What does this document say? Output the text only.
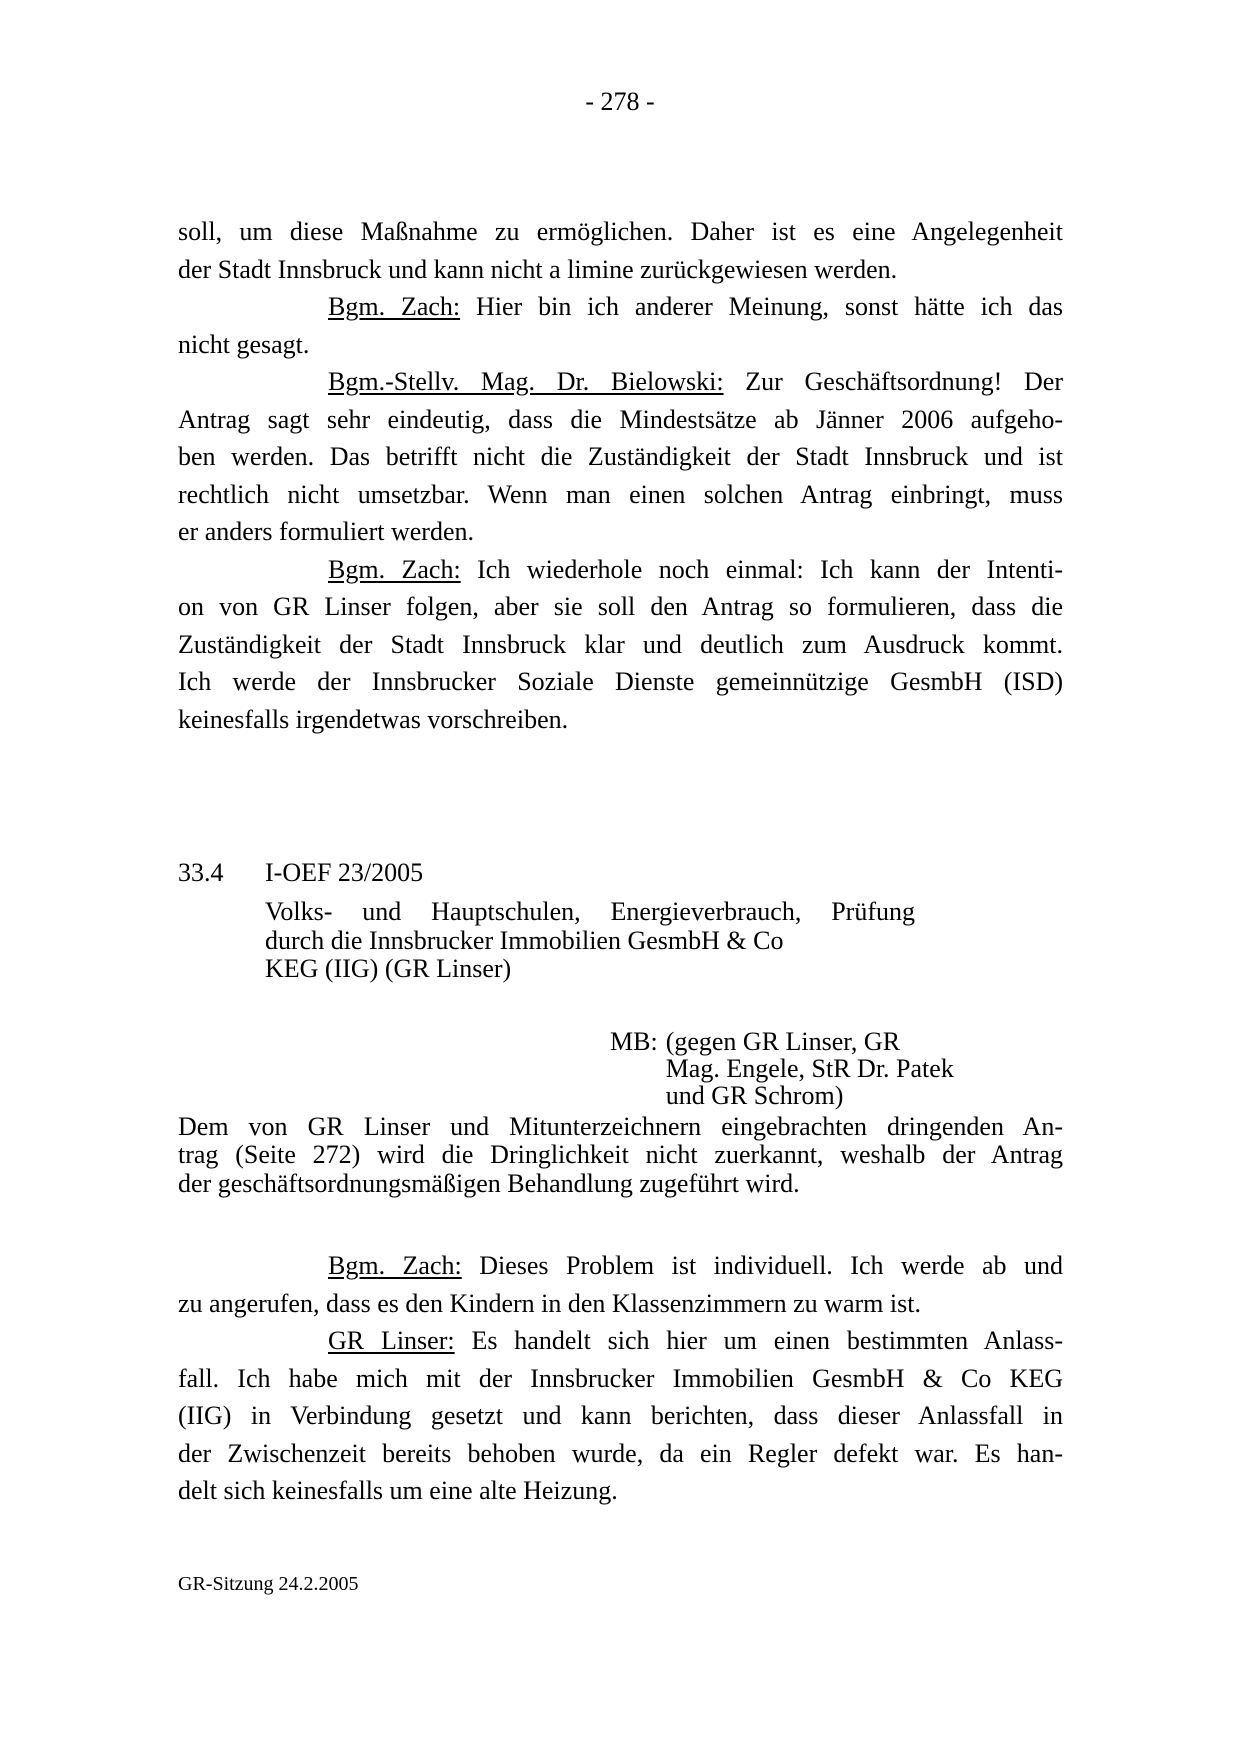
- 278 -
soll, um diese Maßnahme zu ermöglichen. Daher ist es eine Angelegenheit
der Stadt Innsbruck und kann nicht a limine zurückgewiesen werden.
Bgm. Zach: Hier bin ich anderer Meinung, sonst hätte ich das
nicht gesagt.
Bgm.-Stellv. Mag. Dr. Bielowski: Zur Geschäftsordnung! Der
Antrag sagt sehr eindeutig, dass die Mindestsätze ab Jänner 2006 aufgeho-
ben werden. Das betrifft nicht die Zuständigkeit der Stadt Innsbruck und ist
rechtlich nicht umsetzbar. Wenn man einen solchen Antrag einbringt, muss
er anders formuliert werden.
Bgm. Zach: Ich wiederhole noch einmal: Ich kann der Intenti-
on von GR Linser folgen, aber sie soll den Antrag so formulieren, dass die
Zuständigkeit der Stadt Innsbruck klar und deutlich zum Ausdruck kommt.
Ich werde der Innsbrucker Soziale Dienste gemeinnützige GesmbH (ISD)
keinesfalls irgendetwas vorschreiben.
33.4 I-OEF 23/2005
Volks- und Hauptschulen, Energieverbrauch, Prüfung
durch die Innsbrucker Immobilien GesmbH & Co
KEG (IIG) (GR Linser)
MB: (gegen GR Linser, GR
Mag. Engele, StR Dr. Patek
und GR Schrom)
Dem von GR Linser und Mitunterzeichnern eingebrachten dringenden An-
trag (Seite 272) wird die Dringlichkeit nicht zuerkannt, weshalb der Antrag
der geschäftsordnungsmäßigen Behandlung zugeführt wird.
Bgm. Zach: Dieses Problem ist individuell. Ich werde ab und
zu angerufen, dass es den Kindern in den Klassenzimmern zu warm ist.
GR Linser: Es handelt sich hier um einen bestimmten Anlass-
fall. Ich habe mich mit der Innsbrucker Immobilien GesmbH & Co KEG
(IIG) in Verbindung gesetzt und kann berichten, dass dieser Anlassfall in
der Zwischenzeit bereits behoben wurde, da ein Regler defekt war. Es han-
delt sich keinesfalls um eine alte Heizung.
GR-Sitzung 24.2.2005
